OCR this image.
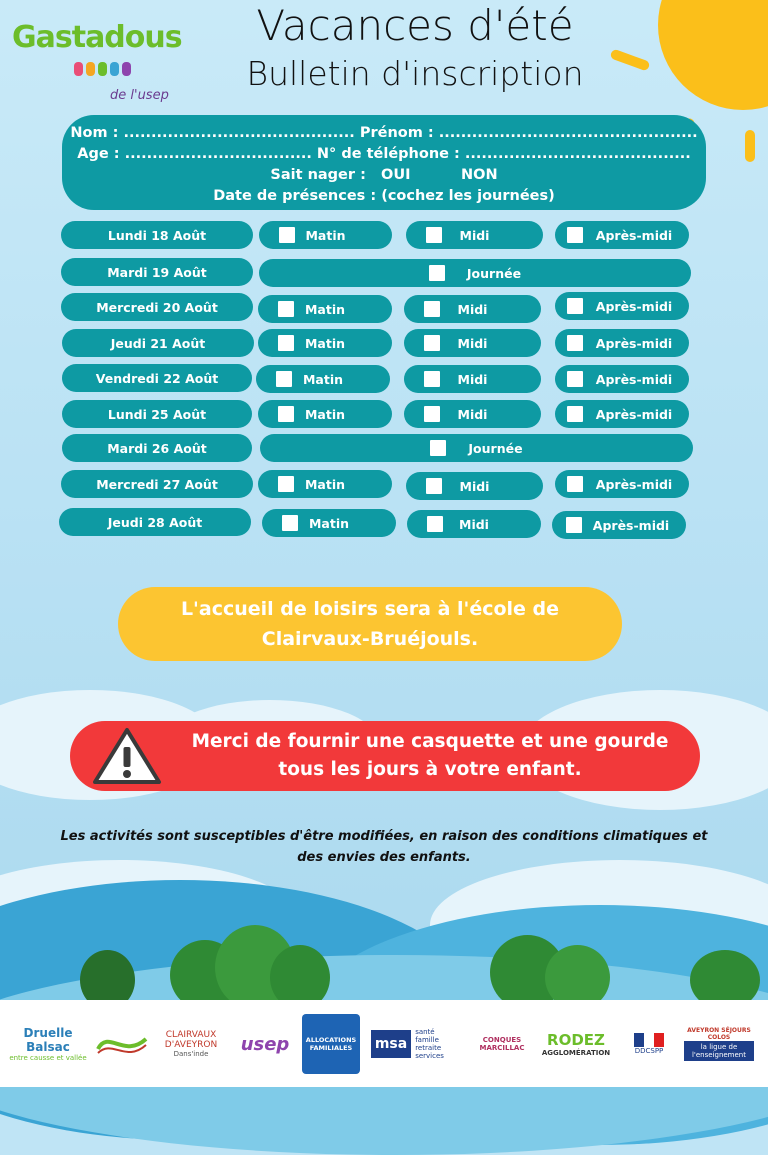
Gastadous
de l'usep
Vacances d'été
Bulletin d'inscription
Nom : .......................................... Prénom : ...............................................
Age : .................................. N° de téléphone : .........................................
Sait nager :   OUI          NON
Date de présences : (cochez les journées)
Lundi 18 Août	Matin	Midi	Après-midi
Mardi 19 Août	Journée
Mercredi 20 Août	Matin	Midi	Après-midi
Jeudi 21 Août	Matin	Midi	Après-midi
Vendredi 22 Août	Matin	Midi	Après-midi
Lundi 25 Août	Matin	Midi	Après-midi
Mardi 26 Août	Journée
Mercredi 27 Août	Matin	Midi	Après-midi
Jeudi 28 Août	Matin	Midi	Après-midi
L'accueil de loisirs sera à l'école de
Clairvaux-Bruéjouls.
Merci de fournir une casquette et une gourde
tous les jours à votre enfant.
Les activités sont susceptibles d'être modifiées, en raison des conditions climatiques et
des envies des enfants.
Druelle Balsac
entre causse et vallée
CLAIRVAUX D'AVEYRON
Dans'inde usep	ALLOCATIONS FAMILIALES	msa
santé famille retraite services
CONQUES MARCILLAC	RODEZ
AGGLOMÉRATION	DDCSPP
AVEYRON SÉJOURS COLOS
la ligue de l'enseignement
